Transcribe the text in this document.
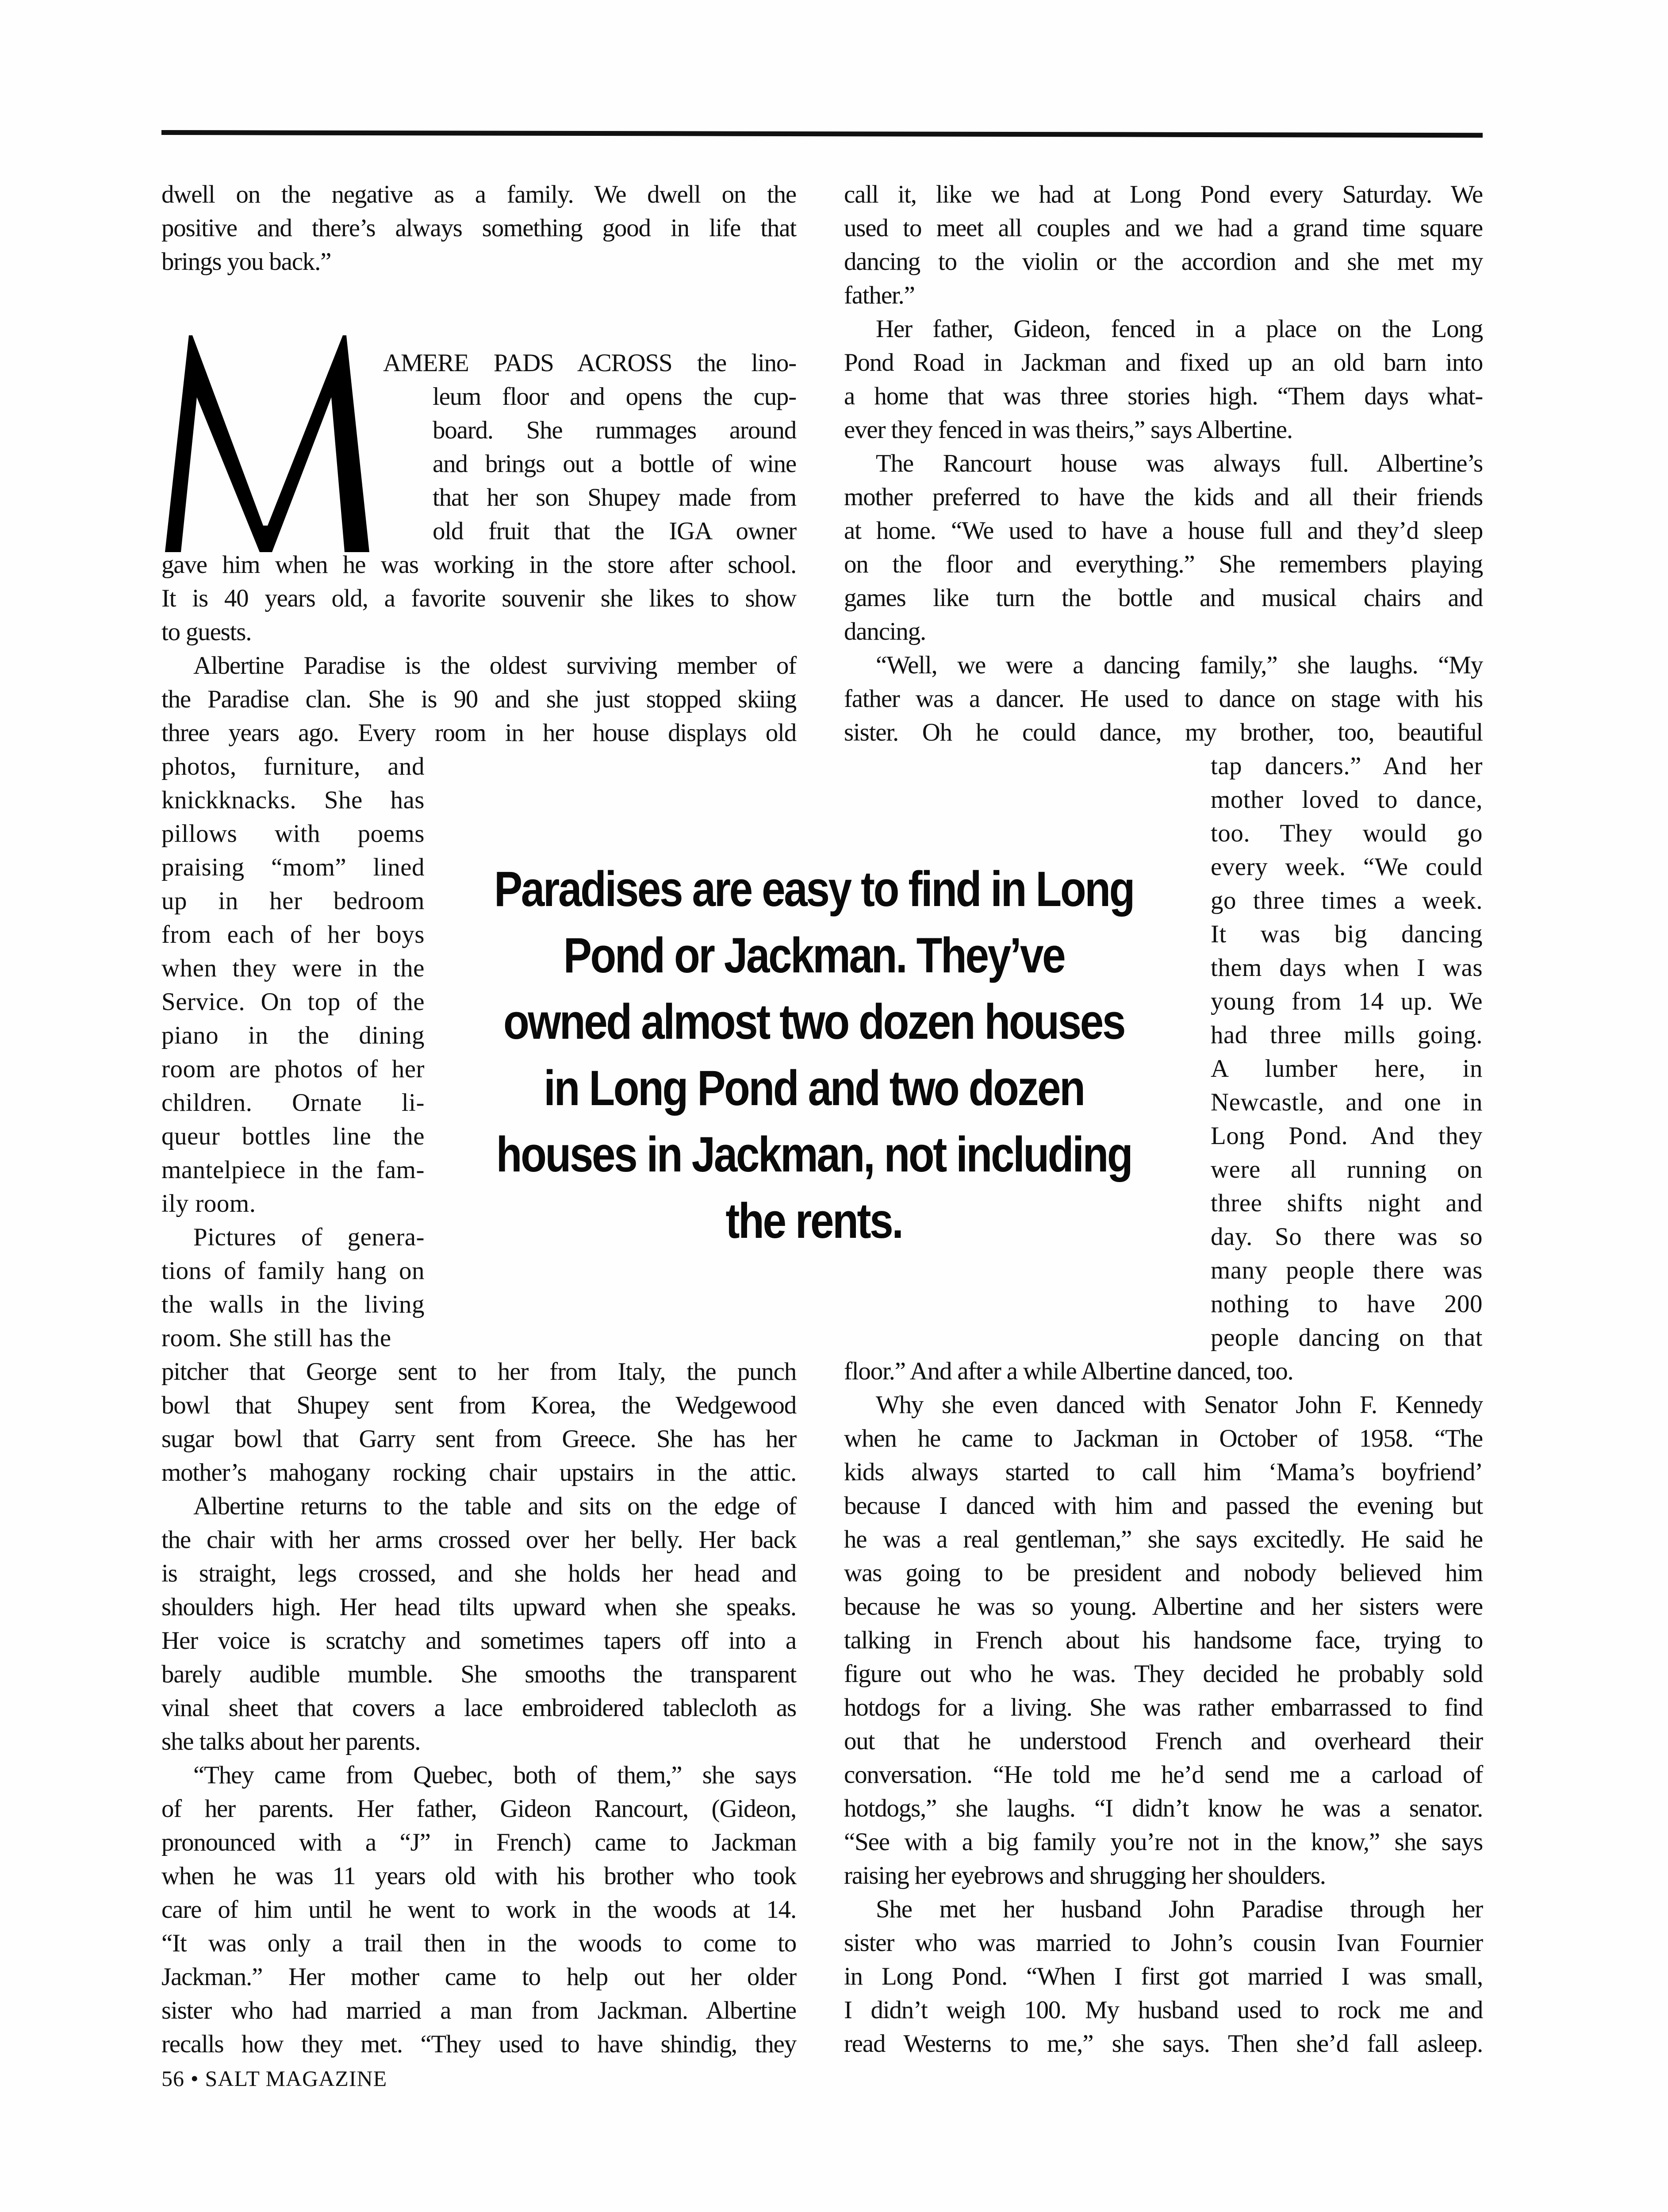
dwell on the negative as a family. We dwell on the
positive and there’s always something good in life that
brings you back.”
AMERE PADS ACROSS the lino-
leum floor and opens the cup-
board. She rummages around
and brings out a bottle of wine
that her son Shupey made from
old fruit that the IGA owner
gave him when he was working in the store after school.
It is 40 years old, a favorite souvenir she likes to show
to guests.
Albertine Paradise is the oldest surviving member of
the Paradise clan. She is 90 and she just stopped skiing
three years ago. Every room in her house displays old
photos, furniture, and
knickknacks. She has
pillows with poems
praising “mom” lined
up in her bedroom
from each of her boys
when they were in the
Service. On top of the
piano in the dining
room are photos of her
children. Ornate li-
queur bottles line the
mantelpiece in the fam-
ily room.
Pictures of genera-
tions of family hang on
the walls in the living
room. She still has the
pitcher that George sent to her from Italy, the punch
bowl that Shupey sent from Korea, the Wedgewood
sugar bowl that Garry sent from Greece. She has her
mother’s mahogany rocking chair upstairs in the attic.
Albertine returns to the table and sits on the edge of
the chair with her arms crossed over her belly. Her back
is straight, legs crossed, and she holds her head and
shoulders high. Her head tilts upward when she speaks.
Her voice is scratchy and sometimes tapers off into a
barely audible mumble. She smooths the transparent
vinal sheet that covers a lace embroidered tablecloth as
she talks about her parents.
“They came from Quebec, both of them,” she says
of her parents. Her father, Gideon Rancourt, (Gideon,
pronounced with a “J” in French) came to Jackman
when he was 11 years old with his brother who took
care of him until he went to work in the woods at 14.
“It was only a trail then in the woods to come to
Jackman.” Her mother came to help out her older
sister who had married a man from Jackman. Albertine
recalls how they met. “They used to have shindig, they
Paradises are easy to find in Long
Pond or Jackman. They’ve
owned almost two dozen houses
in Long Pond and two dozen
houses in Jackman, not including
the rents.
call it, like we had at Long Pond every Saturday. We
used to meet all couples and we had a grand time square
dancing to the violin or the accordion and she met my
father.”
Her father, Gideon, fenced in a place on the Long
Pond Road in Jackman and fixed up an old barn into
a home that was three stories high. “Them days what-
ever they fenced in was theirs,” says Albertine.
The Rancourt house was always full. Albertine’s
mother preferred to have the kids and all their friends
at home. “We used to have a house full and they’d sleep
on the floor and everything.” She remembers playing
games like turn the bottle and musical chairs and
dancing.
“Well, we were a dancing family,” she laughs. “My
father was a dancer. He used to dance on stage with his
sister. Oh he could dance, my brother, too, beautiful
tap dancers.” And her
mother loved to dance,
too. They would go
every week. “We could
go three times a week.
It was big dancing
them days when I was
young from 14 up. We
had three mills going.
A lumber here, in
Newcastle, and one in
Long Pond. And they
were all running on
three shifts night and
day. So there was so
many people there was
nothing to have 200
people dancing on that
floor.” And after a while Albertine danced, too.
Why she even danced with Senator John F. Kennedy
when he came to Jackman in October of 1958. “The
kids always started to call him ‘Mama’s boyfriend’
because I danced with him and passed the evening but
he was a real gentleman,” she says excitedly. He said he
was going to be president and nobody believed him
because he was so young. Albertine and her sisters were
talking in French about his handsome face, trying to
figure out who he was. They decided he probably sold
hotdogs for a living. She was rather embarrassed to find
out that he understood French and overheard their
conversation. “He told me he’d send me a carload of
hotdogs,” she laughs. “I didn’t know he was a senator.
“See with a big family you’re not in the know,” she says
raising her eyebrows and shrugging her shoulders.
She met her husband John Paradise through her
sister who was married to John’s cousin Ivan Fournier
in Long Pond. “When I first got married I was small,
I didn’t weigh 100. My husband used to rock me and
read Westerns to me,” she says. Then she’d fall asleep.
56 • SALT MAGAZINE
